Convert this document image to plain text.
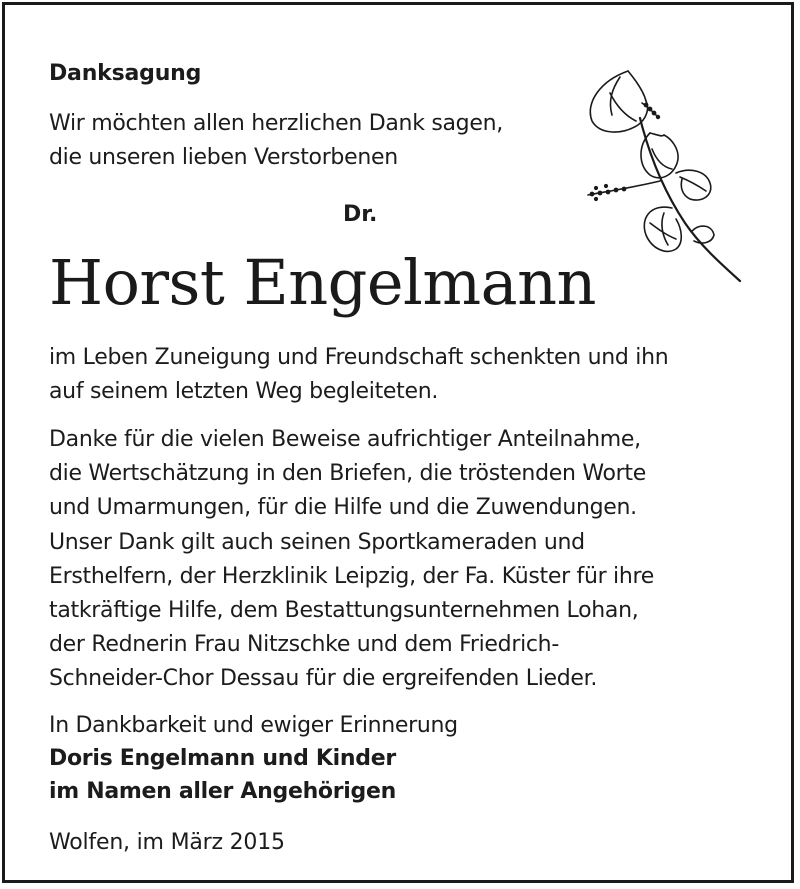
Danksagung
Wir möchten allen herzlichen Dank sagen,
die unseren lieben Verstorbenen
Dr.
Horst Engelmann
im Leben Zuneigung und Freundschaft schenkten und ihn
auf seinem letzten Weg begleiteten.
Danke für die vielen Beweise aufrichtiger Anteilnahme,
die Wertschätzung in den Briefen, die tröstenden Worte
und Umarmungen, für die Hilfe und die Zuwendungen.
Unser Dank gilt auch seinen Sportkameraden und
Ersthelfern, der Herzklinik Leipzig, der Fa. Küster für ihre
tatkräftige Hilfe, dem Bestattungsunternehmen Lohan,
der Rednerin Frau Nitzschke und dem Friedrich-
Schneider-Chor Dessau für die ergreifenden Lieder.
In Dankbarkeit und ewiger Erinnerung
Doris Engelmann und Kinder
im Namen aller Angehörigen
Wolfen, im März 2015
